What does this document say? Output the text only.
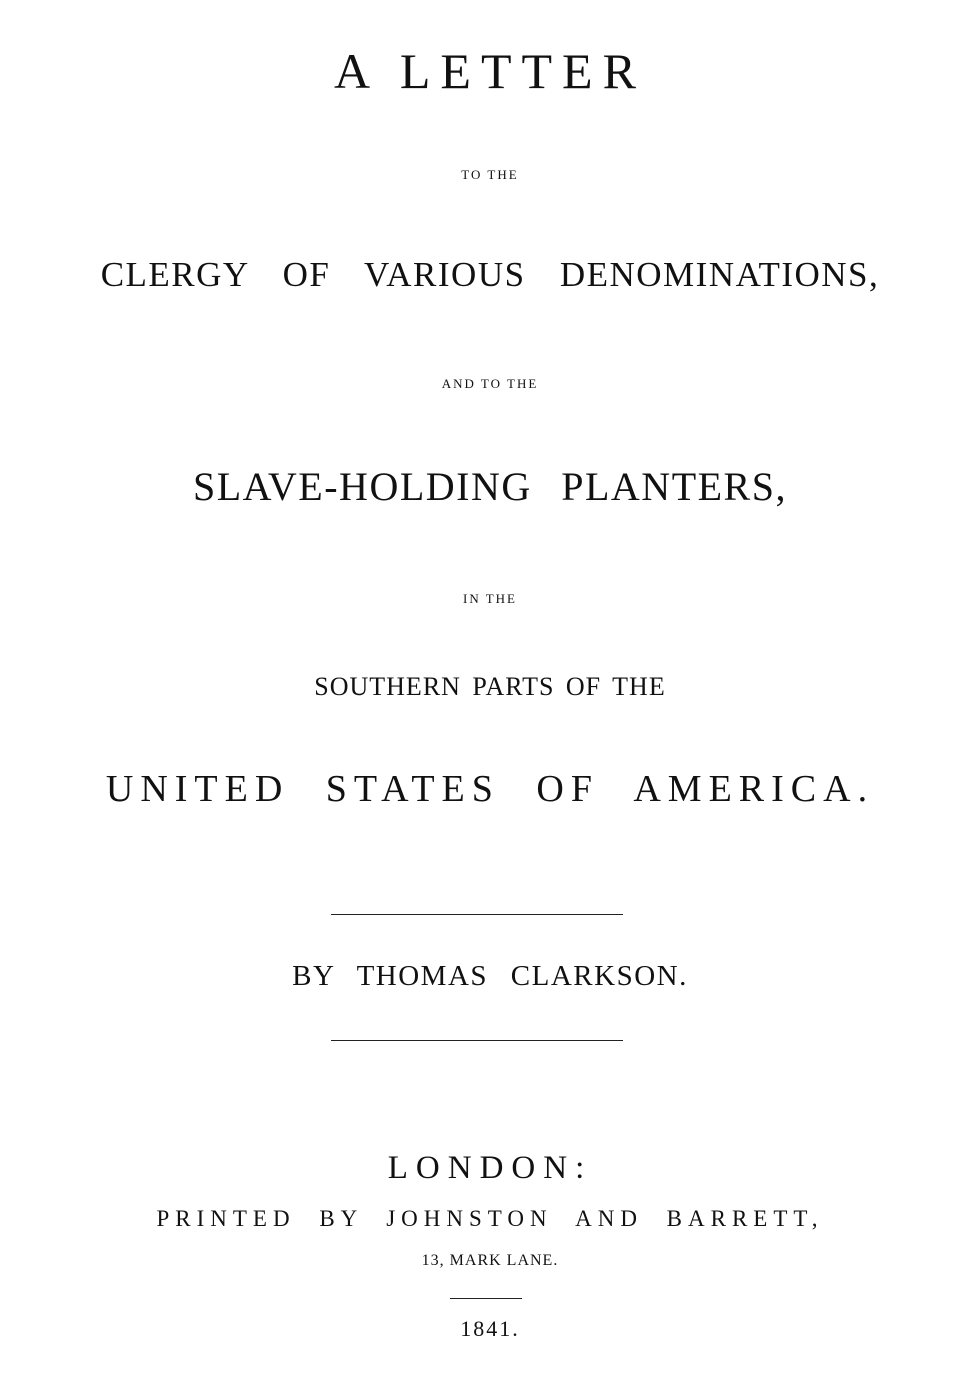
A LETTER
TO THE
CLERGY OF VARIOUS DENOMINATIONS,
AND TO THE
SLAVE-HOLDING PLANTERS,
IN THE
SOUTHERN PARTS OF THE
UNITED STATES OF AMERICA.
BY THOMAS CLARKSON.
LONDON:
PRINTED BY JOHNSTON AND BARRETT,
13, MARK LANE.
1841.
